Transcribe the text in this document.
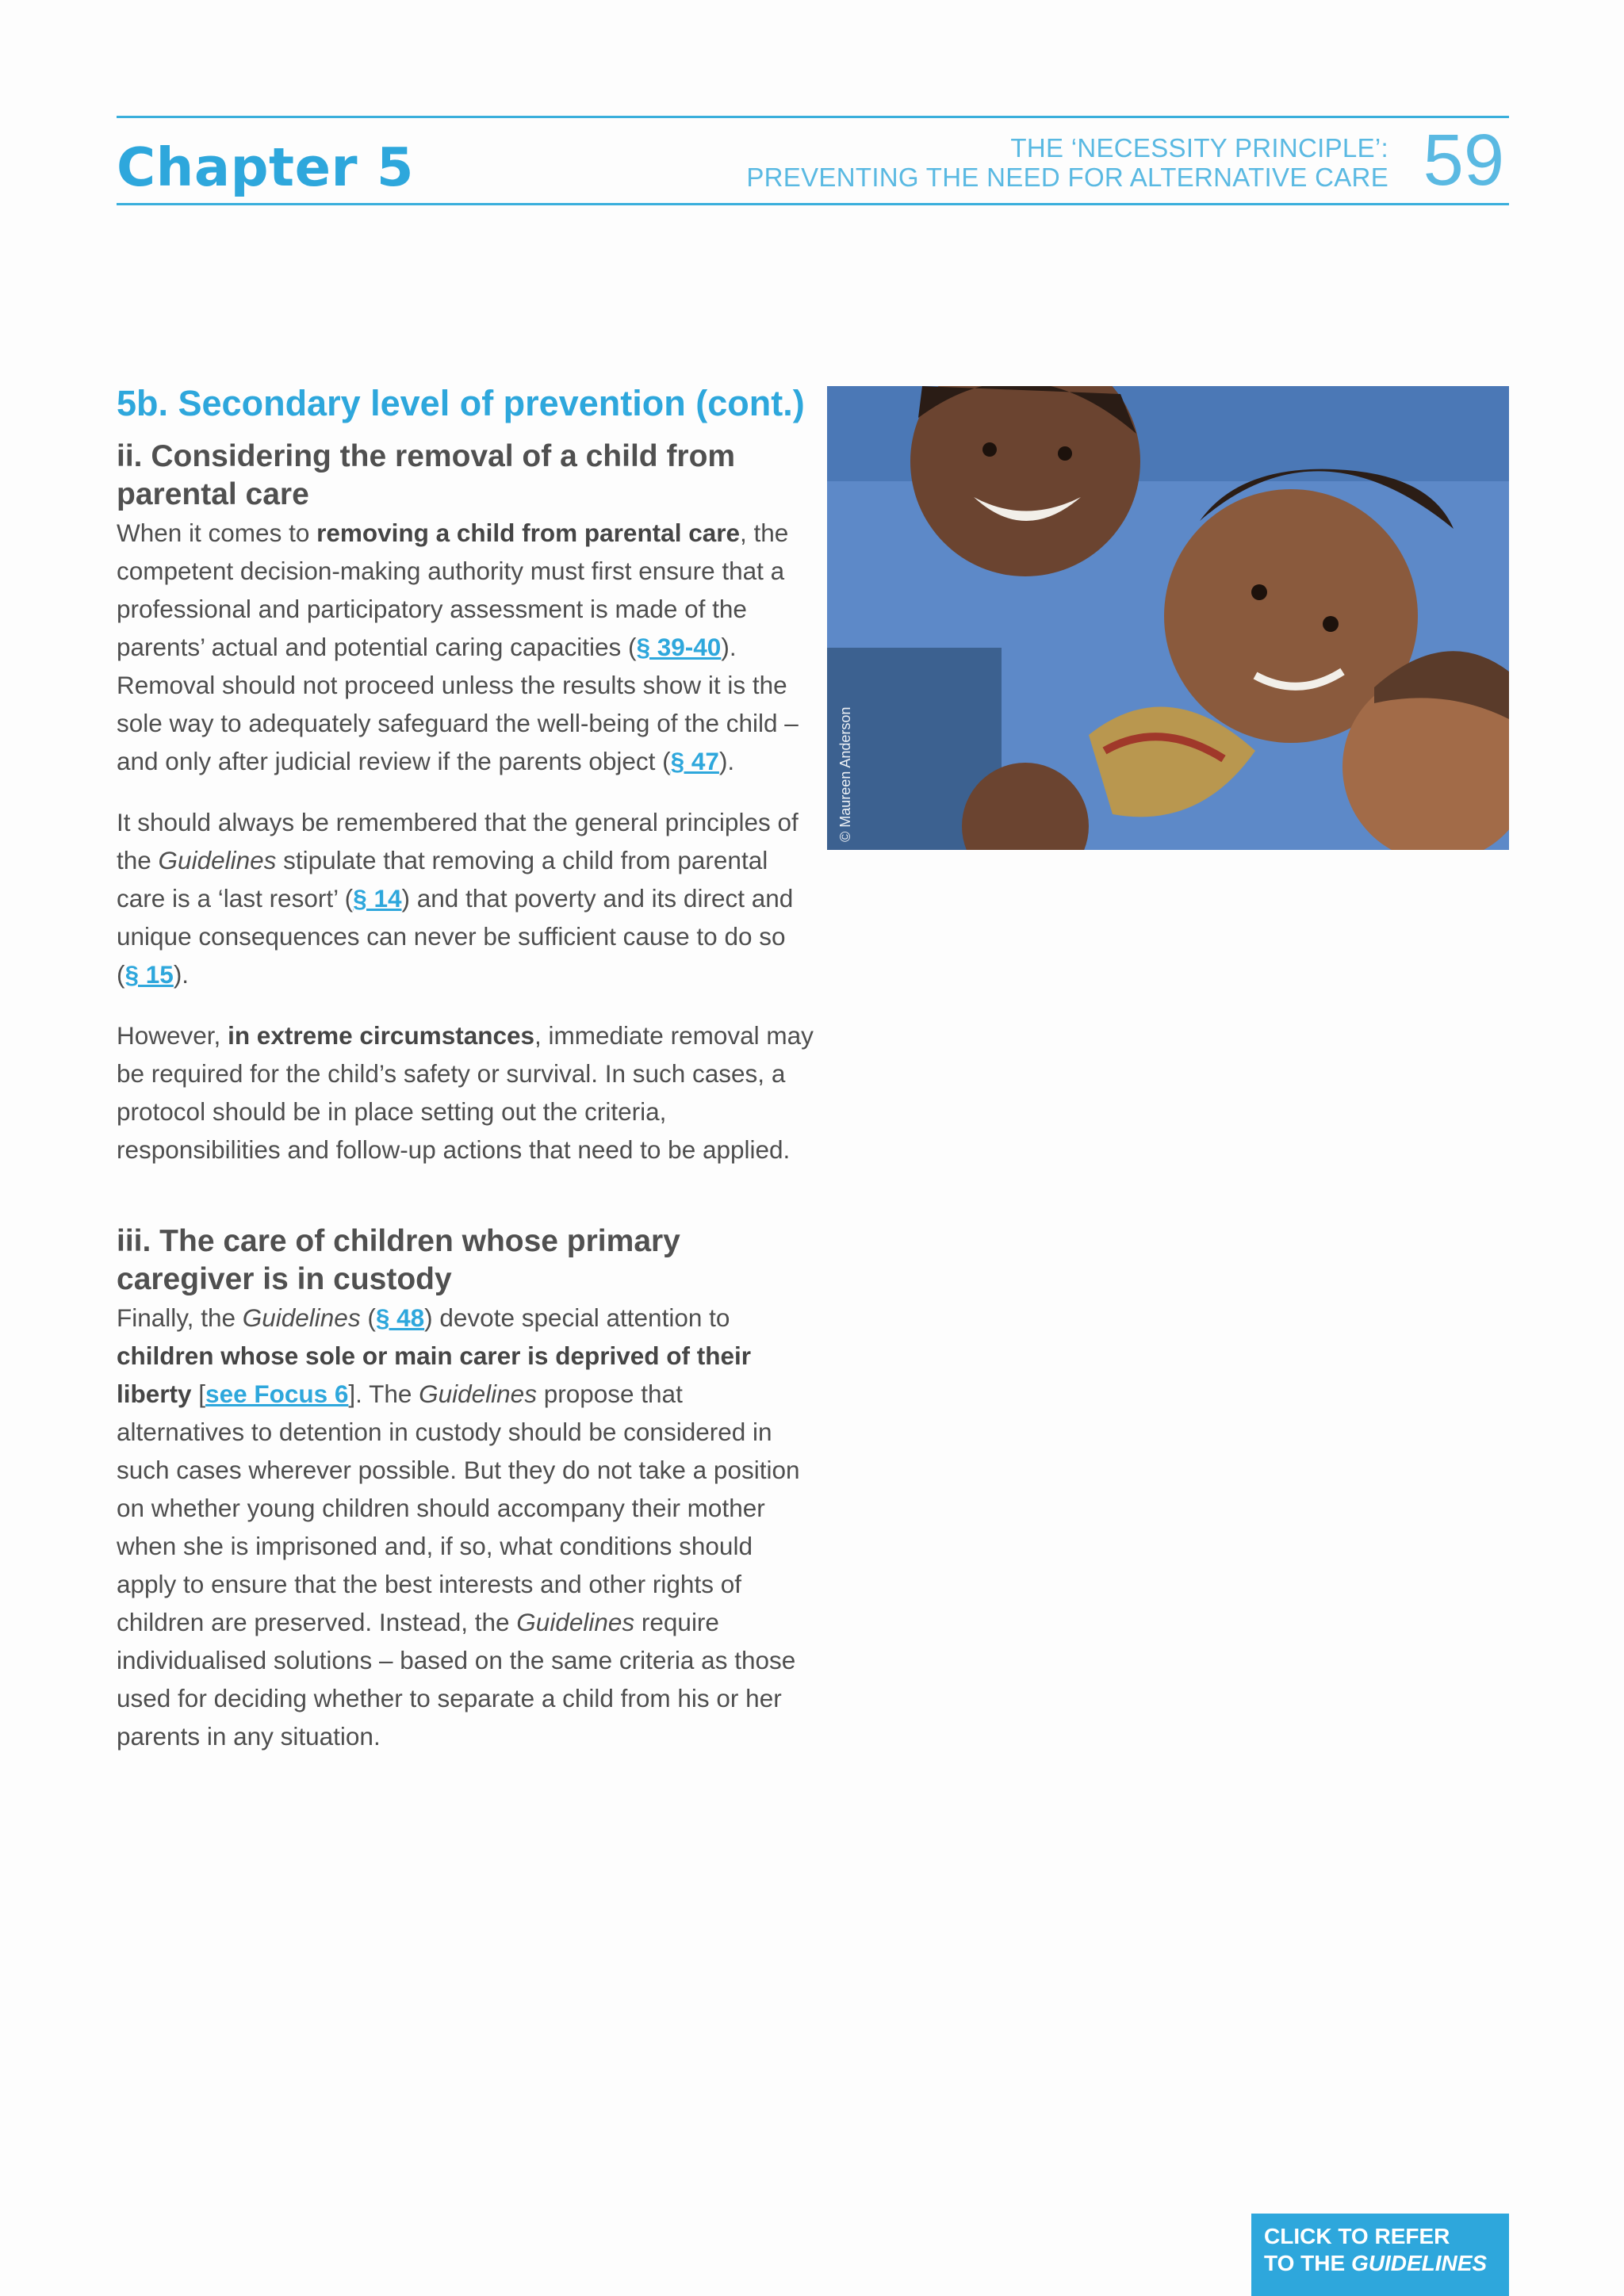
Chapter 5	THE ‘NECESSITY PRINCIPLE’:
PREVENTING THE NEED FOR ALTERNATIVE CARE 59
5b. Secondary level of prevention (cont.)
ii. Considering the removal of a child from
parental care

When it comes to removing a child from parental care, the competent decision-making authority must first ensure that a professional and participatory assessment is made of the parents’ actual and potential caring capacities (§ 39-40). Removal should not proceed unless the results show it is the sole way to adequately safeguard the well-being of the child – and only after judicial review if the parents object (§ 47).

It should always be remembered that the general principles of the Guidelines stipulate that removing a child from parental care is a ‘last resort’ (§ 14) and that poverty and its direct and unique consequences can never be sufficient cause to do so (§ 15).

However, in extreme circumstances, immediate removal may be required for the child’s safety or survival. In such cases, a protocol should be in place setting out the criteria, responsibilities and follow-up actions that need to be applied.

iii. The care of children whose primary
caregiver is in custody

Finally, the Guidelines (§ 48) devote special attention to children whose sole or main carer is deprived of their liberty [see Focus 6]. The Guidelines propose that alternatives to detention in custody should be considered in such cases wherever possible. But they do not take a position on whether young children should accompany their mother when she is imprisoned and, if so, what conditions should apply to ensure that the best interests and other rights of children are preserved. Instead, the Guidelines require individualised solutions – based on the same criteria as those used for deciding whether to separate a child from his or her parents in any situation.

© Maureen Anderson
CLICK TO REFER
TO THE GUIDELINES
